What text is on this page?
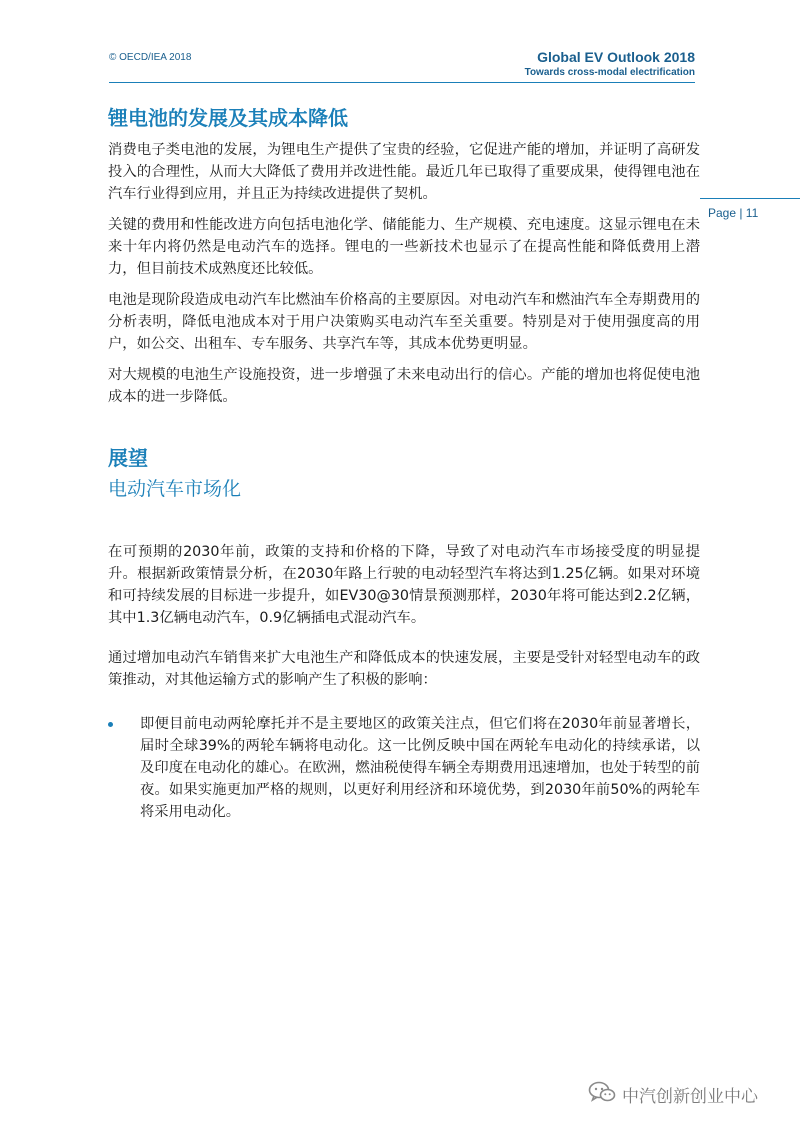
© OECD/IEA 2018	Global EV Outlook 2018
Towards cross-modal electrification
Page | 11
锂电池的发展及其成本降低

消费电子类电池的发展，为锂电生产提供了宝贵的经验，它促进产能的增加，并证明了高研发投入的合理性，从而大大降低了费用并改进性能。最近几年已取得了重要成果，使得锂电池在汽车行业得到应用，并且正为持续改进提供了契机。

关键的费用和性能改进方向包括电池化学、储能能力、生产规模、充电速度。这显示锂电在未来十年内将仍然是电动汽车的选择。锂电的一些新技术也显示了在提高性能和降低费用上潜力，但目前技术成熟度还比较低。

电池是现阶段造成电动汽车比燃油车价格高的主要原因。对电动汽车和燃油汽车全寿期费用的分析表明，降低电池成本对于用户决策购买电动汽车至关重要。特别是对于使用强度高的用户，如公交、出租车、专车服务、共享汽车等，其成本优势更明显。

对大规模的电池生产设施投资，进一步增强了未来电动出行的信心。产能的增加也将促使电池成本的进一步降低。

展望
电动汽车市场化

在可预期的2030年前，政策的支持和价格的下降，导致了对电动汽车市场接受度的明显提升。根据新政策情景分析，在2030年路上行驶的电动轻型汽车将达到1.25亿辆。如果对环境和可持续发展的目标进一步提升，如EV30@30情景预测那样，2030年将可能达到2.2亿辆，其中1.3亿辆电动汽车，0.9亿辆插电式混动汽车。

通过增加电动汽车销售来扩大电池生产和降低成本的快速发展，主要是受针对轻型电动车的政策推动，对其他运输方式的影响产生了积极的影响：

即便目前电动两轮摩托并不是主要地区的政策关注点，但它们将在2030年前显著增长，届时全球39%的两轮车辆将电动化。这一比例反映中国在两轮车电动化的持续承诺，以及印度在电动化的雄心。在欧洲，燃油税使得车辆全寿期费用迅速增加，也处于转型的前夜。如果实施更加严格的规则，以更好利用经济和环境优势，到2030年前50%的两轮车将采用电动化。
中汽创新创业中心
